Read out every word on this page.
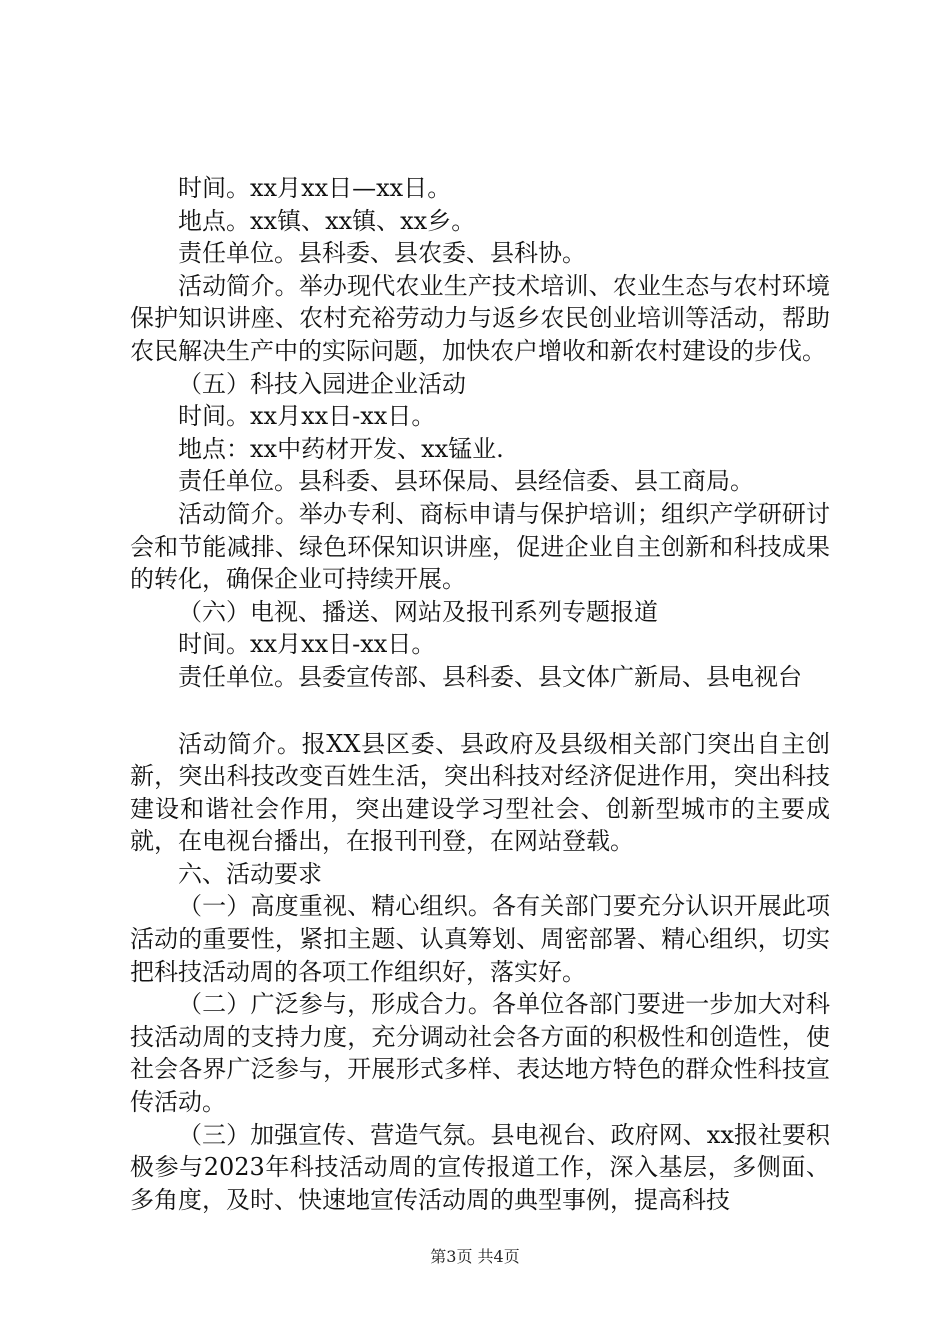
时间。xx月xx日—xx日。

地点。xx镇、xx镇、xx乡。

责任单位。县科委、县农委、县科协。

活动简介。举办现代农业生产技术培训、农业生态与农村环境保护知识讲座、农村充裕劳动力与返乡农民创业培训等活动，帮助农民解决生产中的实际问题，加快农户增收和新农村建设的步伐。

（五）科技入园进企业活动

时间。xx月xx日-xx日。

地点：xx中药材开发、xx锰业.

责任单位。县科委、县环保局、县经信委、县工商局。

活动简介。举办专利、商标申请与保护培训；组织产学研研讨会和节能减排、绿色环保知识讲座，促进企业自主创新和科技成果的转化，确保企业可持续开展。

（六）电视、播送、网站及报刊系列专题报道

时间。xx月xx日-xx日。

责任单位。县委宣传部、县科委、县文体广新局、县电视台

活动简介。报XX县区委、县政府及县级相关部门突出自主创新，突出科技改变百姓生活，突出科技对经济促进作用，突出科技建设和谐社会作用，突出建设学习型社会、创新型城市的主要成就，在电视台播出，在报刊刊登，在网站登载。

六、活动要求

（一）高度重视、精心组织。各有关部门要充分认识开展此项活动的重要性，紧扣主题、认真筹划、周密部署、精心组织，切实把科技活动周的各项工作组织好，落实好。

（二）广泛参与，形成合力。各单位各部门要进一步加大对科技活动周的支持力度，充分调动社会各方面的积极性和创造性，使社会各界广泛参与，开展形式多样、表达地方特色的群众性科技宣传活动。

（三）加强宣传、营造气氛。县电视台、政府网、xx报社要积极参与2023年科技活动周的宣传报道工作，深入基层，多侧面、多角度，及时、快速地宣传活动周的典型事例，提高科技

第3页 共4页
